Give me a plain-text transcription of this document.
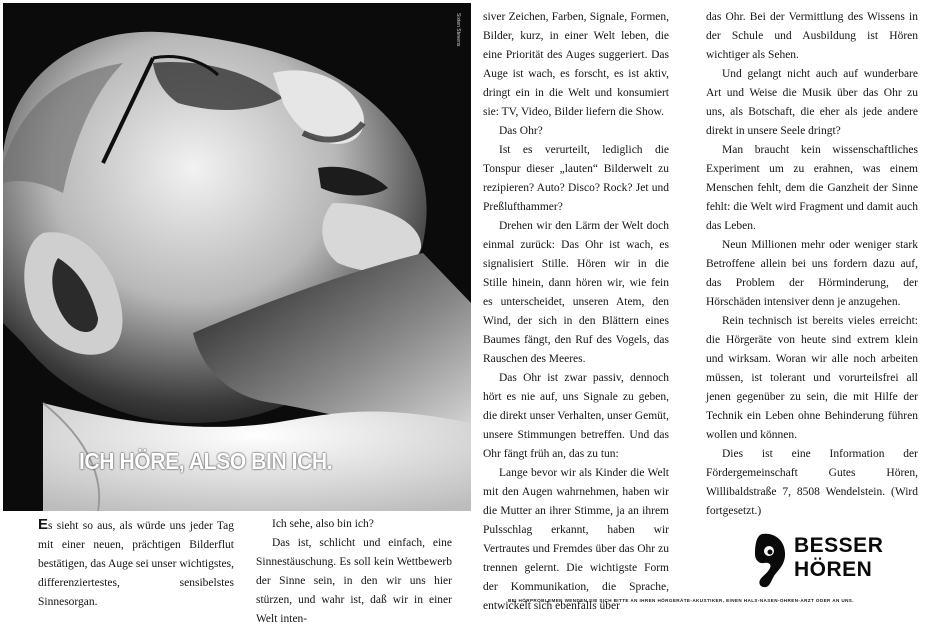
Sixten Stevens
ICH HÖRE, ALSO BIN ICH.

Es sieht so aus, als würde uns jeder Tag mit einer neuen, prächtigen Bilderflut bestätigen, das Auge sei unser wichtigstes, differenziertestes, sensibelstes Sinnesorgan.

Ich sehe, also bin ich?

Das ist, schlicht und einfach, eine Sinnestäuschung. Es soll kein Wettbewerb der Sinne sein, in den wir uns hier stürzen, und wahr ist, daß wir in einer Welt inten-

siver Zeichen, Farben, Signale, Formen, Bilder, kurz, in einer Welt leben, die eine Priorität des Auges suggeriert. Das Auge ist wach, es forscht, es ist aktiv, dringt ein in die Welt und konsumiert sie: TV, Video, Bilder liefern die Show.

Das Ohr?

Ist es verurteilt, lediglich die Tonspur dieser „lauten“ Bilderwelt zu rezipieren? Auto? Disco? Rock? Jet und Preßlufthammer?

Drehen wir den Lärm der Welt doch einmal zurück: Das Ohr ist wach, es signalisiert Stille. Hören wir in die Stille hinein, dann hören wir, wie fein es unterscheidet, unseren Atem, den Wind, der sich in den Blättern eines Baumes fängt, den Ruf des Vogels, das Rauschen des Meeres.

Das Ohr ist zwar passiv, dennoch hört es nie auf, uns Signale zu geben, die direkt unser Verhalten, unser Gemüt, unsere Stimmungen betreffen. Und das Ohr fängt früh an, das zu tun:

Lange bevor wir als Kinder die Welt mit den Augen wahrnehmen, haben wir die Mutter an ihrer Stimme, ja an ihrem Pulsschlag erkannt, haben wir Vertrautes und Fremdes über das Ohr zu trennen gelernt. Die wichtigste Form der Kommunikation, die Sprache, entwickelt sich ebenfalls über

das Ohr. Bei der Vermittlung des Wissens in der Schule und Ausbildung ist Hören wichtiger als Sehen.

Und gelangt nicht auch auf wunderbare Art und Weise die Musik über das Ohr zu uns, als Botschaft, die eher als jede andere direkt in unsere Seele dringt?

Man braucht kein wissenschaftliches Experiment um zu erahnen, was einem Menschen fehlt, dem die Ganzheit der Sinne fehlt: die Welt wird Fragment und damit auch das Leben.

Neun Millionen mehr oder weniger stark Betroffene allein bei uns fordern dazu auf, das Problem der Hörminderung, der Hörschäden intensiver denn je anzugehen.

Rein technisch ist bereits vieles erreicht: die Hörgeräte von heute sind extrem klein und wirksam. Woran wir alle noch arbeiten müssen, ist tolerant und vorurteilsfrei all jenen gegenüber zu sein, die mit Hilfe der Technik ein Leben ohne Behinderung führen wollen und können.

Dies ist eine Information der Fördergemeinschaft Gutes Hören, Willibaldstraße 7, 8508 Wendelstein. (Wird fortgesetzt.)

BESSER
HÖREN
BEI HÖRPROBLEMEN WENDEN SIE SICH BITTE AN IHREN HÖRGERÄTE-AKUSTIKER, EINEN HALS-NASEN-OHREN-ARZT ODER AN UNS.
